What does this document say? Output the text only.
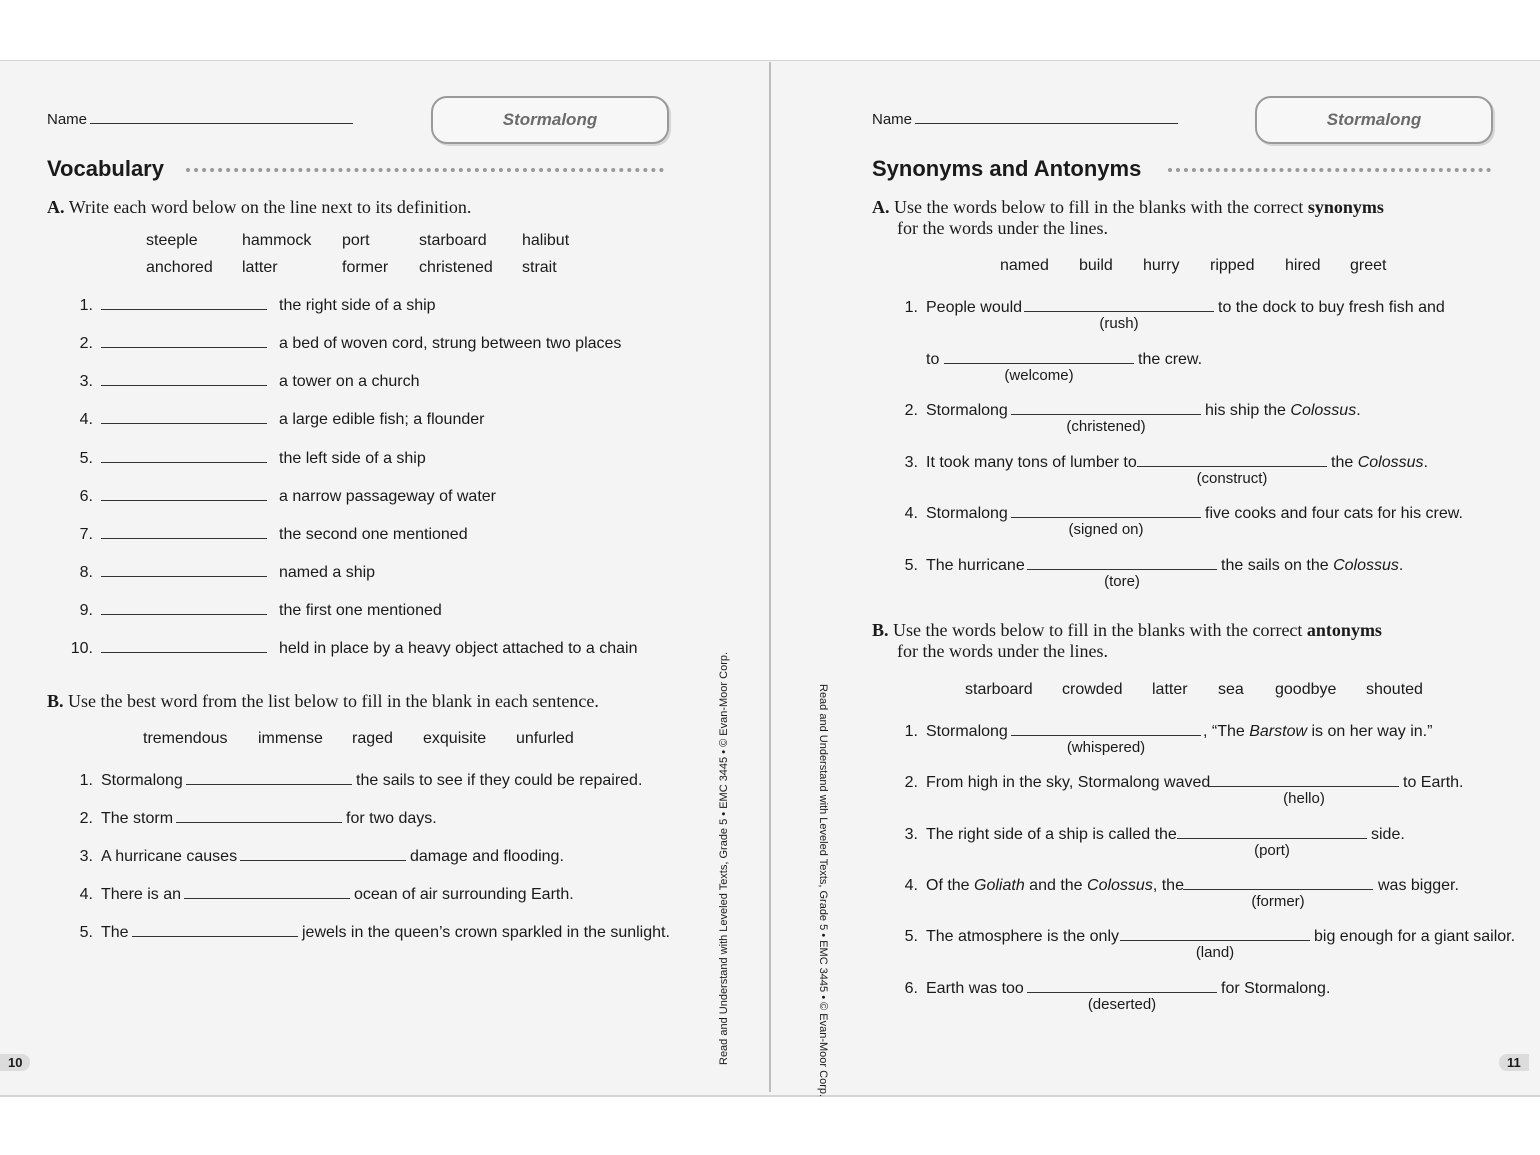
Name	Stormalong
Vocabulary
A. Write each word below on the line next to its definition.
steeple	hammock port	starboard halibut
anchored latter	former christened strait
1.	the right side of a ship
2.	a bed of woven cord, strung between two places
3.	a tower on a church
4.	a large edible fish; a flounder
5.	the left side of a ship
6.	a narrow passageway of water
7.	the second one mentioned
8.	named a ship
9.	the first one mentioned
10.	held in place by a heavy object attached to a chain
B. Use the best word from the list below to fill in the blank in each sentence.
tremendous immense raged exquisite unfurled
1. Stormalong	the sails to see if they could be repaired.
2. The storm	for two days.
3. A hurricane causes	damage and flooding.
4. There is an	ocean of air surrounding Earth.
5. The	jewels in the queen’s crown sparkled in the sunlight.
10	Read and Understand with Leveled Texts, Grade 5 • EMC 3445 • © Evan-Moor Corp.
Name	Stormalong
Synonyms and Antonyms
A. Use the words below to fill in the blanks with the correct synonyms
for the words under the lines.
named build hurry ripped hired greet
1. People would
(rush)
to the dock to buy fresh fish and
to
(welcome)
the crew.
2. Stormalong
(christened)
his ship the Colossus.
3. It took many tons of lumber to
(construct)
the Colossus.
4. Stormalong
(signed on)
five cooks and four cats for his crew.
5. The hurricane
(tore)
the sails on the Colossus.
B. Use the words below to fill in the blanks with the correct antonyms
for the words under the lines.
starboard crowded latter sea goodbye shouted
1. Stormalong
(whispered)
, “The Barstow is on her way in.”
2. From high in the sky, Stormalong waved
(hello)
to Earth.
3. The right side of a ship is called the
(port)
side.
4. Of the Goliath and the Colossus, the
(former)
was bigger.
5. The atmosphere is the only
(land)
big enough for a giant sailor.
6. Earth was too
(deserted)
for Stormalong.
11
Read and Understand with Leveled Texts, Grade 5 • EMC 3445 • © Evan-Moor Corp.
